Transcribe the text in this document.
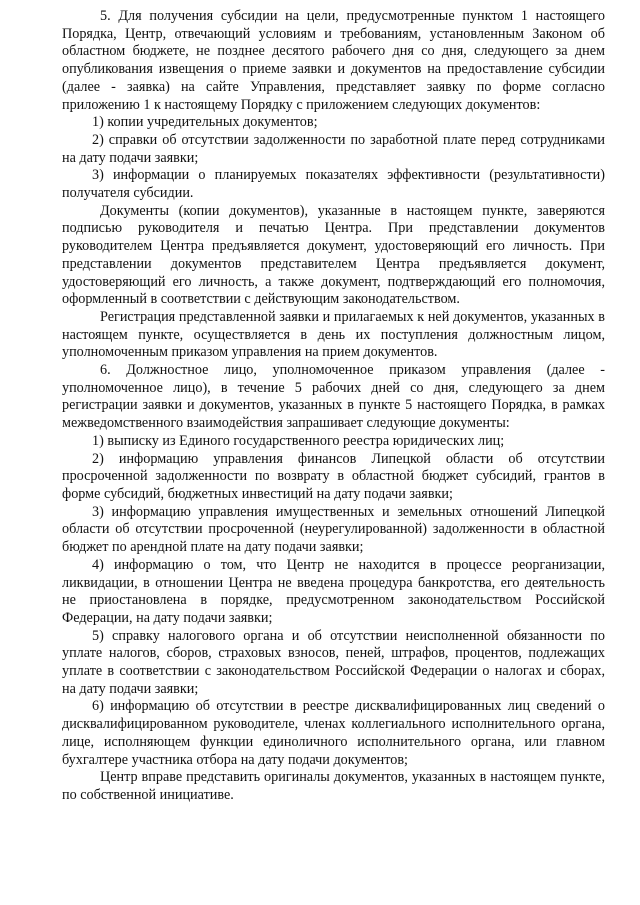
5. Для получения субсидии на цели, предусмотренные пунктом 1 настоящего Порядка, Центр, отвечающий условиям и требованиям, установленным Законом об областном бюджете, не позднее десятого рабочего дня со дня, следующего за днем опубликования извещения о приеме заявки и документов на предоставление субсидии (далее - заявка) на сайте Управления, представляет заявку по форме согласно приложению 1 к настоящему Порядку с приложением следующих документов:

1) копии учредительных документов;

2) справки об отсутствии задолженности по заработной плате перед сотрудниками на дату подачи заявки;

3) информации о планируемых показателях эффективности (результативности) получателя субсидии.

Документы (копии документов), указанные в настоящем пункте, заверяются подписью руководителя и печатью Центра. При представлении документов руководителем Центра предъявляется документ, удостоверяющий его личность. При представлении документов представителем Центра предъявляется документ, удостоверяющий его личность, а также документ, подтверждающий его полномочия, оформленный в соответствии с действующим законодательством.

Регистрация представленной заявки и прилагаемых к ней документов, указанных в настоящем пункте, осуществляется в день их поступления должностным лицом, уполномоченным приказом управления на прием документов.

6. Должностное лицо, уполномоченное приказом управления (далее - уполномоченное лицо), в течение 5 рабочих дней со дня, следующего за днем регистрации заявки и документов, указанных в пункте 5 настоящего Порядка, в рамках межведомственного взаимодействия запрашивает следующие документы:

1) выписку из Единого государственного реестра юридических лиц;

2) информацию управления финансов Липецкой области об отсутствии просроченной задолженности по возврату в областной бюджет субсидий, грантов в форме субсидий, бюджетных инвестиций на дату подачи заявки;

3) информацию управления имущественных и земельных отношений Липецкой области об отсутствии просроченной (неурегулированной) задолженности в областной бюджет по арендной плате на дату подачи заявки;

4) информацию о том, что Центр не находится в процессе реорганизации, ликвидации, в отношении Центра не введена процедура банкротства, его деятельность не приостановлена в порядке, предусмотренном законодательством Российской Федерации, на дату подачи заявки;

5) справку налогового органа и об отсутствии неисполненной обязанности по уплате налогов, сборов, страховых взносов, пеней, штрафов, процентов, подлежащих уплате в соответствии с законодательством Российской Федерации о налогах и сборах, на дату подачи заявки;

6) информацию об отсутствии в реестре дисквалифицированных лиц сведений о дисквалифицированном руководителе, членах коллегиального исполнительного органа, лице, исполняющем функции единоличного исполнительного органа, или главном бухгалтере участника отбора на дату подачи документов;

Центр вправе представить оригиналы документов, указанных в настоящем пункте, по собственной инициативе.
